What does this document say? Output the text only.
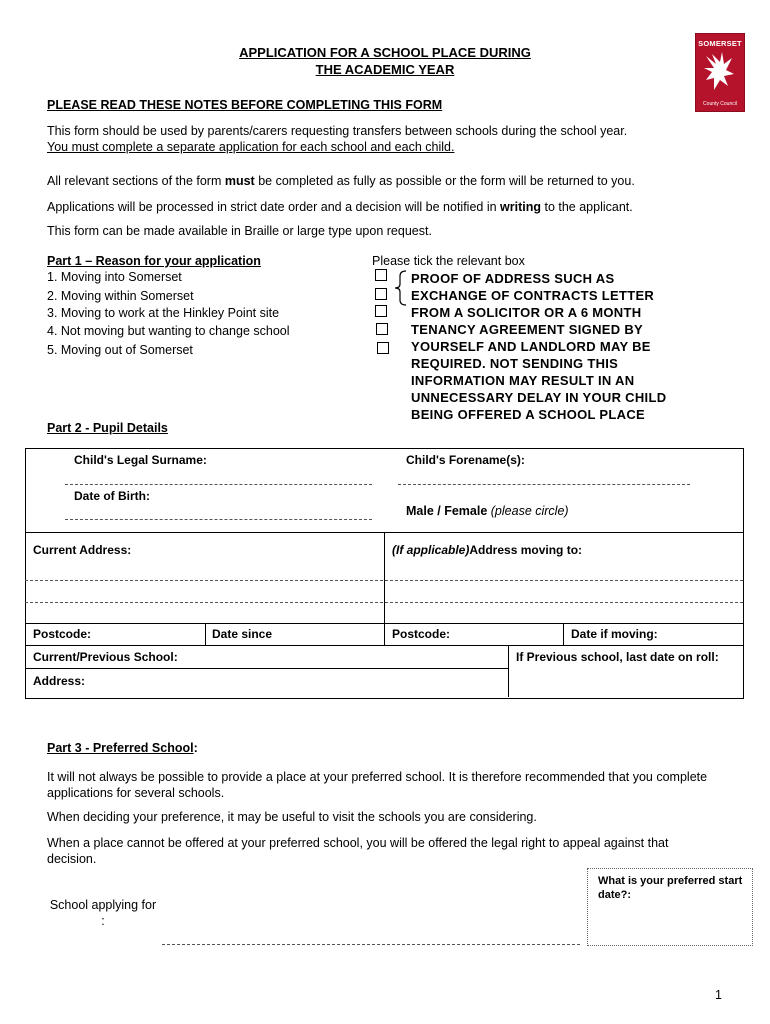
APPLICATION FOR A SCHOOL PLACE DURING
THE ACADEMIC YEAR
SOMERSET
County Council
PLEASE READ THESE NOTES BEFORE COMPLETING THIS FORM
This form should be used by parents/carers requesting transfers between schools during the school year.
You must complete a separate application for each school and each child.
All relevant sections of the form must be completed as fully as possible or the form will be returned to you.
Applications will be processed in strict date order and a decision will be notified in writing to the applicant.
This form can be made available in Braille or large type upon request.
Part 1 – Reason for your application	Please tick the relevant box
1. Moving into Somerset
2. Moving within Somerset
3. Moving to work at the Hinkley Point site
4. Not moving but wanting to change school
5. Moving out of Somerset
PROOF OF ADDRESS SUCH AS
EXCHANGE OF CONTRACTS LETTER
FROM A SOLICITOR OR A 6 MONTH
TENANCY AGREEMENT SIGNED BY
YOURSELF AND LANDLORD MAY BE
REQUIRED. NOT SENDING THIS
INFORMATION MAY RESULT IN AN
UNNECESSARY DELAY IN YOUR CHILD
BEING OFFERED A SCHOOL PLACE
Part 2 - Pupil Details
Child's Legal Surname:	Child's Forename(s):
Date of Birth:
Male / Female (please circle)
Current Address:	(If applicable)Address moving to:
Postcode:	Date since	Postcode:	Date if moving:
Current/Previous School:
Address:
If Previous school, last date on roll:
Part 3 - Preferred School:
It will not always be possible to provide a place at your preferred school. It is therefore recommended that you complete applications for several schools.
When deciding your preference, it may be useful to visit the schools you are considering.
When a place cannot be offered at your preferred school, you will be offered the legal right to appeal against that decision.
School applying for :
What is your preferred start date?:
1
